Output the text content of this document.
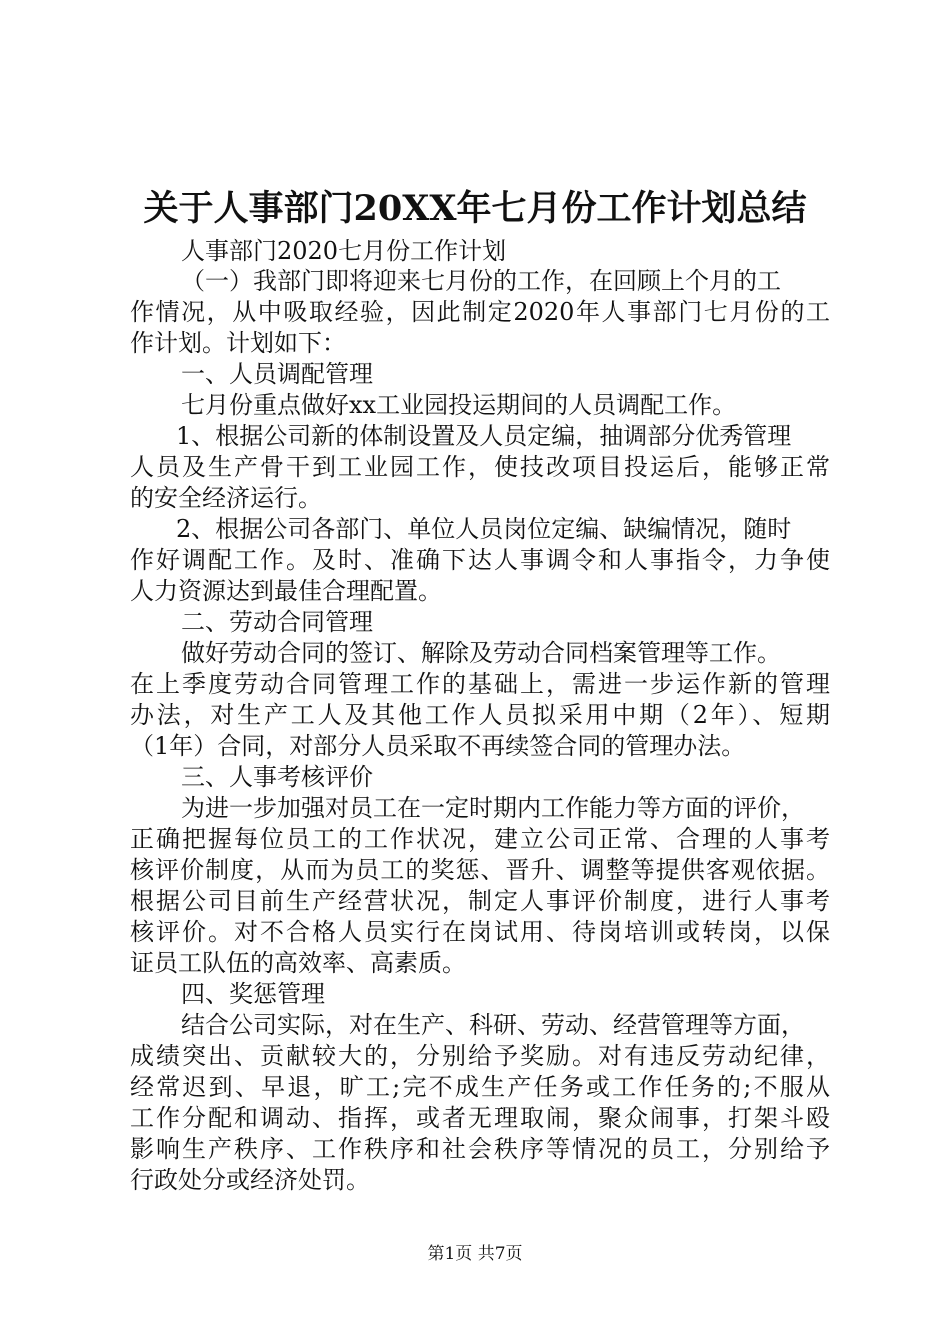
关于人事部门20XX年七月份工作计划总结
人事部门2020七月份工作计划
（一）我部门即将迎来七月份的工作，在回顾上个月的工
作情况，从中吸取经验，因此制定2020年人事部门七月份的工
作计划。计划如下：
一、人员调配管理
七月份重点做好xx工业园投运期间的人员调配工作。
1、根据公司新的体制设置及人员定编，抽调部分优秀管理
人员及生产骨干到工业园工作，使技改项目投运后，能够正常
的安全经济运行。
2、根据公司各部门、单位人员岗位定编、缺编情况，随时
作好调配工作。及时、准确下达人事调令和人事指令，力争使
人力资源达到最佳合理配置。
二、劳动合同管理
做好劳动合同的签订、解除及劳动合同档案管理等工作。
在上季度劳动合同管理工作的基础上，需进一步运作新的管理
办法，对生产工人及其他工作人员拟采用中期（2年）、短期
（1年）合同，对部分人员采取不再续签合同的管理办法。
三、人事考核评价
为进一步加强对员工在一定时期内工作能力等方面的评价，
正确把握每位员工的工作状况，建立公司正常、合理的人事考
核评价制度，从而为员工的奖惩、晋升、调整等提供客观依据。
根据公司目前生产经营状况，制定人事评价制度，进行人事考
核评价。对不合格人员实行在岗试用、待岗培训或转岗，以保
证员工队伍的高效率、高素质。
四、奖惩管理
结合公司实际，对在生产、科研、劳动、经营管理等方面，
成绩突出、贡献较大的，分别给予奖励。对有违反劳动纪律，
经常迟到、早退，旷工;完不成生产任务或工作任务的;不服从
工作分配和调动、指挥，或者无理取闹，聚众闹事，打架斗殴
影响生产秩序、工作秩序和社会秩序等情况的员工，分别给予
行政处分或经济处罚。
第1页 共7页
